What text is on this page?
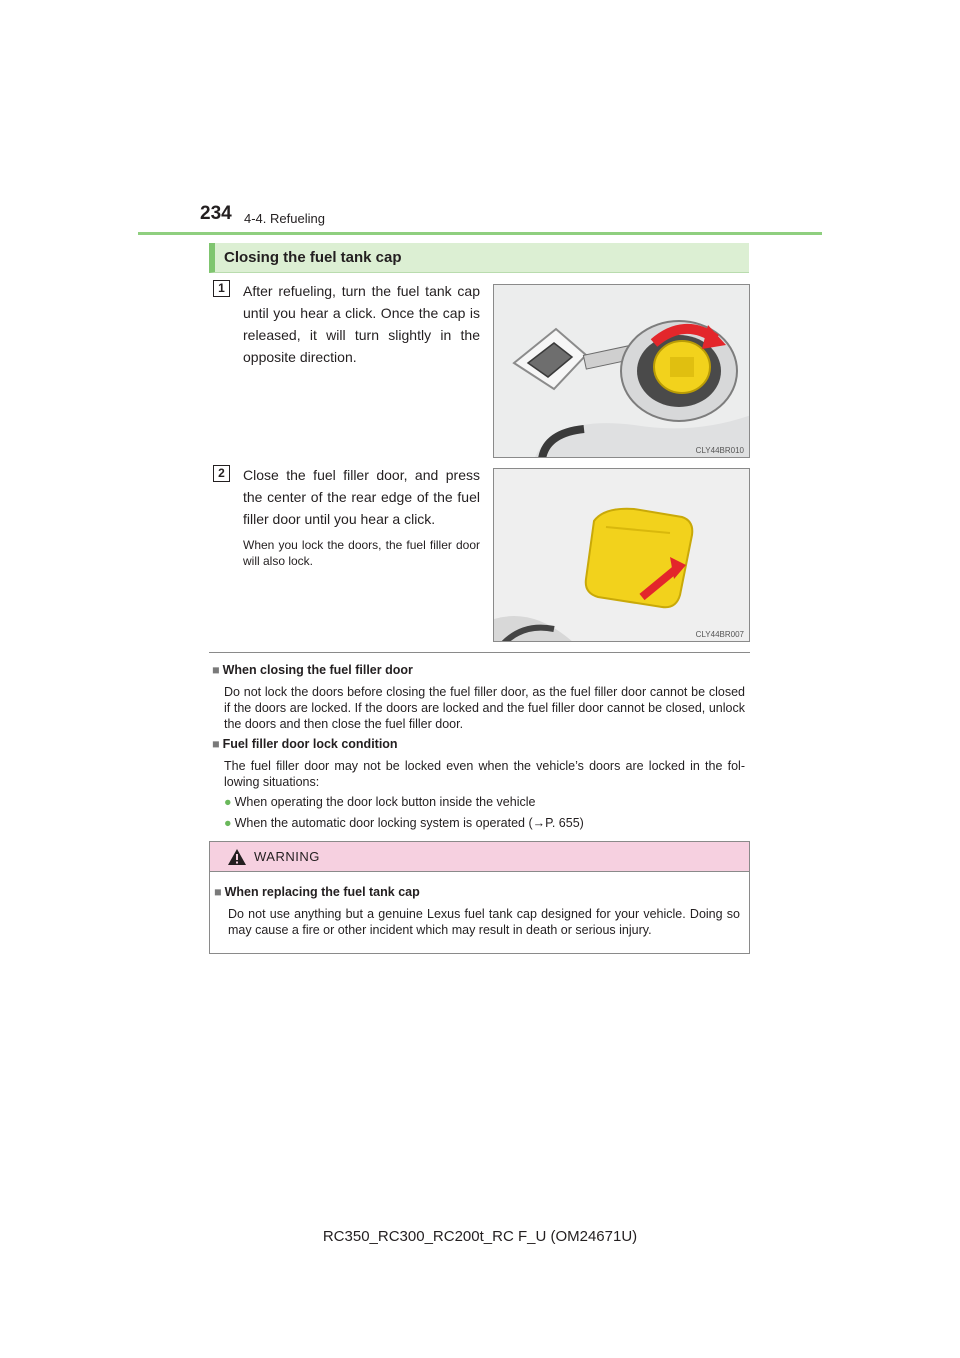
234 4-4. Refueling
Closing the fuel tank cap
1	After refueling, turn the fuel tank cap until you hear a click. Once the cap is released, it will turn slightly in the opposite direction.
CLY44BR010
2	Close the fuel filler door, and press the center of the rear edge of the fuel filler door until you hear a click.
When you lock the doors, the fuel filler door will also lock.
CLY44BR007
■ When closing the fuel filler door
Do not lock the doors before closing the fuel filler door, as the fuel filler door cannot be closed if the doors are locked. If the doors are locked and the fuel filler door cannot be closed, unlock the doors and then close the fuel filler door.
■ Fuel filler door lock condition
The fuel filler door may not be locked even when the vehicle’s doors are locked in the fol-lowing situations:
● When operating the door lock button inside the vehicle
● When the automatic door locking system is operated (→P. 655)
WARNING
■ When replacing the fuel tank cap
Do not use anything but a genuine Lexus fuel tank cap designed for your vehicle. Doing so may cause a fire or other incident which may result in death or serious injury.
RC350_RC300_RC200t_RC F_U (OM24671U)
